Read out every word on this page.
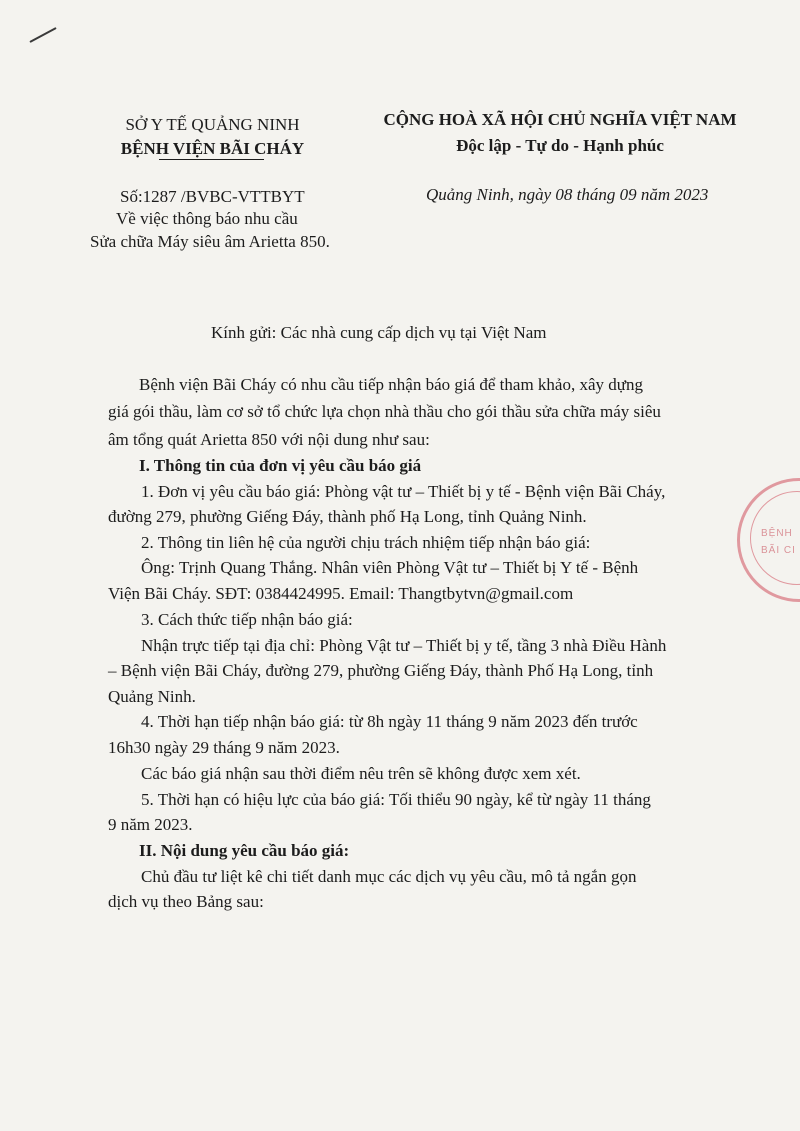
SỞ Y TẾ QUẢNG NINH
BỆNH VIỆN BÃI CHÁY
CỘNG HOÀ XÃ HỘI CHỦ NGHĨA VIỆT NAM
Độc lập - Tự do - Hạnh phúc
Số:1287 /BVBC-VTTBYT
Về việc thông báo nhu cầu
Sửa chữa Máy siêu âm Arietta 850.
Quảng Ninh, ngày 08 tháng 09 năm 2023
Kính gửi: Các nhà cung cấp dịch vụ tại Việt Nam
Bệnh viện Bãi Cháy có nhu cầu tiếp nhận báo giá để tham khảo, xây dựng
giá gói thầu, làm cơ sở tổ chức lựa chọn nhà thầu cho gói thầu sửa chữa máy siêu
âm tổng quát Arietta 850 với nội dung như sau:
I. Thông tin của đơn vị yêu cầu báo giá
1. Đơn vị yêu cầu báo giá: Phòng vật tư – Thiết bị y tế - Bệnh viện Bãi Cháy,
đường 279, phường Giếng Đáy, thành phố Hạ Long, tỉnh Quảng Ninh.
2. Thông tin liên hệ của người chịu trách nhiệm tiếp nhận báo giá:
Ông: Trịnh Quang Thắng. Nhân viên Phòng Vật tư – Thiết bị Y tế - Bệnh
Viện Bãi Cháy. SĐT: 0384424995. Email: Thangtbytvn@gmail.com
3. Cách thức tiếp nhận báo giá:
Nhận trực tiếp tại địa chỉ: Phòng Vật tư – Thiết bị y tế, tầng 3 nhà Điều Hành
– Bệnh viện Bãi Cháy, đường 279, phường Giếng Đáy, thành Phố Hạ Long, tỉnh
Quảng Ninh.
4. Thời hạn tiếp nhận báo giá: từ 8h ngày 11 tháng 9 năm 2023 đến trước
16h30 ngày 29 tháng 9 năm 2023.
Các báo giá nhận sau thời điểm nêu trên sẽ không được xem xét.
5. Thời hạn có hiệu lực của báo giá: Tối thiểu 90 ngày, kể từ ngày 11 tháng
9 năm 2023.
II. Nội dung yêu cầu báo giá:
Chủ đầu tư liệt kê chi tiết danh mục các dịch vụ yêu cầu, mô tả ngắn gọn
dịch vụ theo Bảng sau:
BỆNH
BÃI CI
